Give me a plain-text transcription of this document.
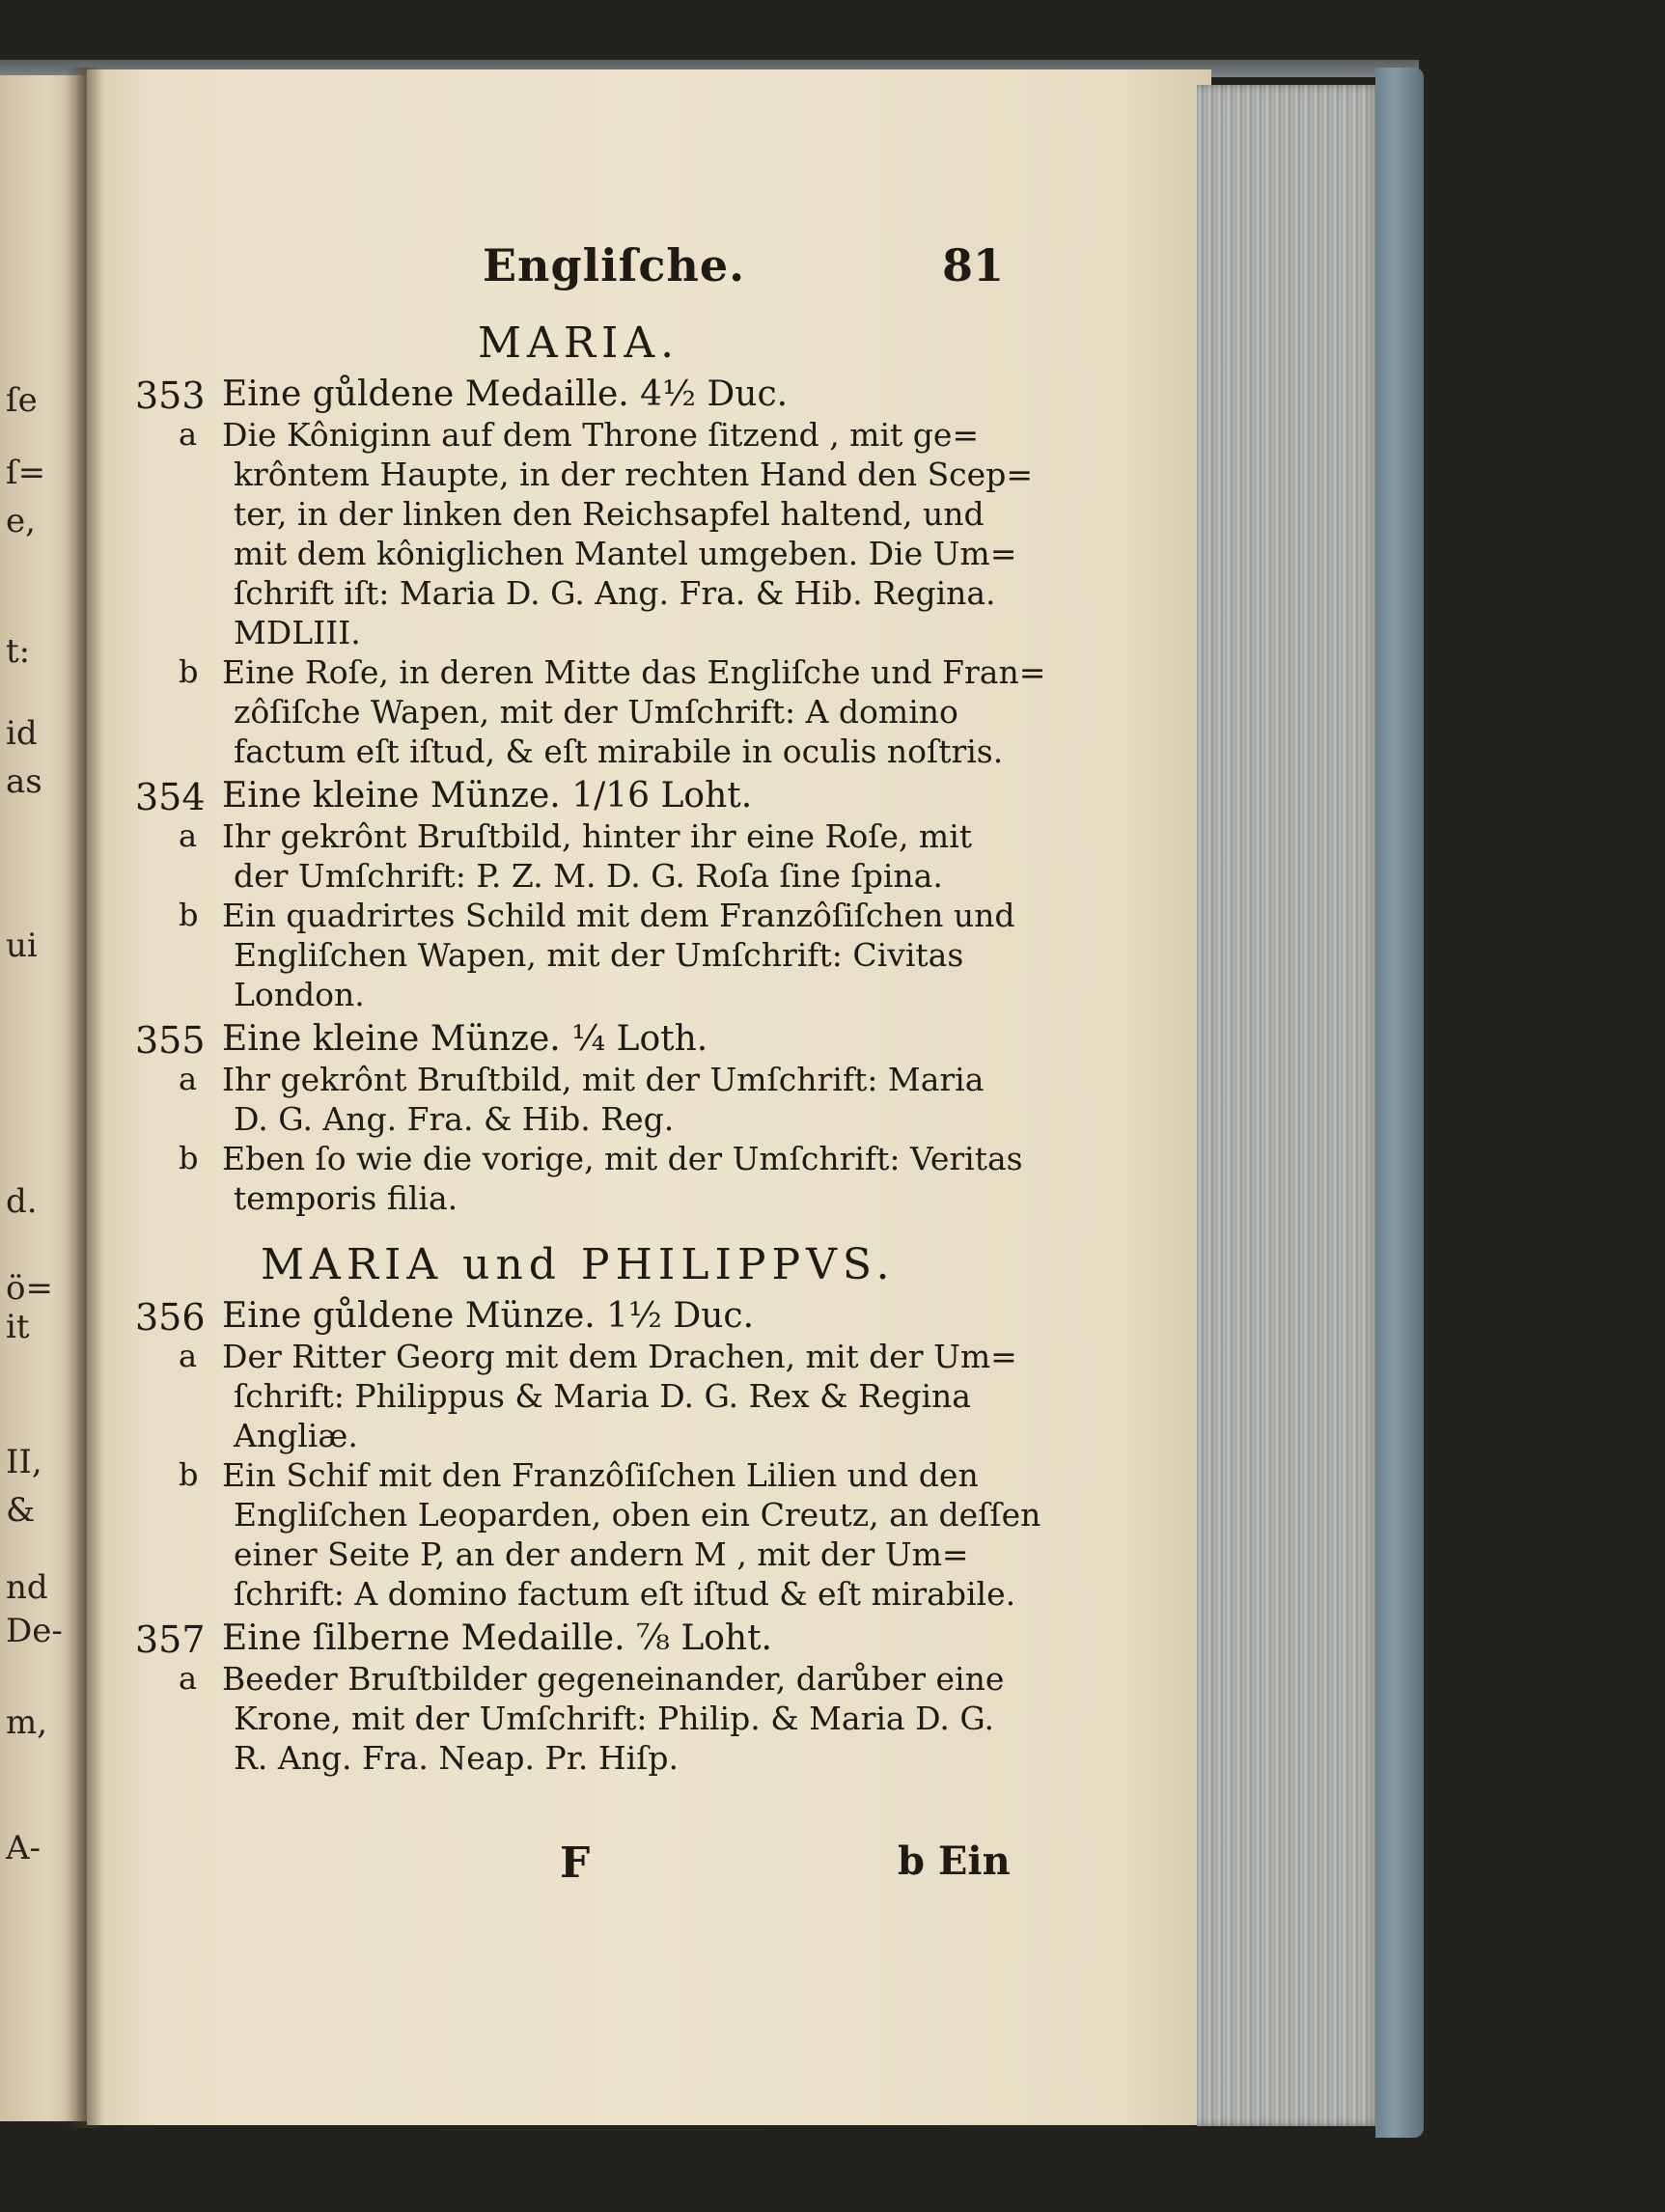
ſe
ſ=
e,
t:
id
as
ui
d.
ö=
it
II,
&
nd
De-
m,
A-
Engliſche.	81
MARIA.
353 Eine gůldene Medaille. 4½ Duc.
a Die Kôniginn auf dem Throne ſitzend , mit ge=
krôntem Haupte, in der rechten Hand den Scep=
ter, in der linken den Reichsapfel haltend, und
mit dem kôniglichen Mantel umgeben. Die Um=
ſchrift iſt: Maria D. G. Ang. Fra. & Hib. Regina.
MDLIII.
b Eine Roſe, in deren Mitte das Engliſche und Fran=
zôſiſche Wapen, mit der Umſchrift: A domino
factum eſt iſtud, & eſt mirabile in oculis noſtris.
354 Eine kleine Münze. 1/16 Loht.
a Ihr gekrônt Bruſtbild, hinter ihr eine Roſe, mit
der Umſchrift: P. Z. M. D. G. Roſa ſine ſpina.
b Ein quadrirtes Schild mit dem Franzôſiſchen und
Engliſchen Wapen, mit der Umſchrift: Civitas
London.
355 Eine kleine Münze. ¼ Loth.
a Ihr gekrônt Bruſtbild, mit der Umſchrift: Maria
D. G. Ang. Fra. & Hib. Reg.
b Eben ſo wie die vorige, mit der Umſchrift: Veritas
temporis filia.
MARIA und PHILIPPVS.
356 Eine gůldene Münze. 1½ Duc.
a Der Ritter Georg mit dem Drachen, mit der Um=
ſchrift: Philippus & Maria D. G. Rex & Regina
Angliæ.
b Ein Schif mit den Franzôſiſchen Lilien und den
Engliſchen Leoparden, oben ein Creutz, an deſſen
einer Seite P, an der andern M , mit der Um=
ſchrift: A domino factum eſt iſtud & eſt mirabile.
357 Eine ſilberne Medaille. ⅞ Loht.
a Beeder Bruſtbilder gegeneinander, darůber eine
Krone, mit der Umſchrift: Philip. & Maria D. G.
R. Ang. Fra. Neap. Pr. Hiſp.
F	b Ein
